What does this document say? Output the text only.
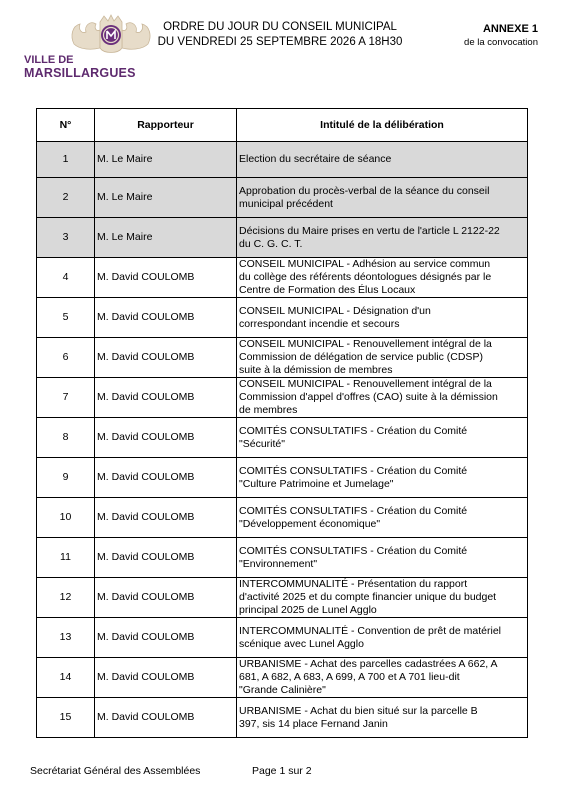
VILLE DE
MARSILLARGUES
ORDRE DU JOUR DU CONSEIL MUNICIPAL
DU VENDREDI 25 SEPTEMBRE 2026 A 18H30
ANNEXE 1
de la convocation
N°	Rapporteur	Intitulé de la délibération
1	M. Le Maire	Election du secrétaire de séance

2	M. Le Maire	Approbation du procès-verbal de la séance du conseil
municipal précédent

3	M. Le Maire	Décisions du Maire prises en vertu de l'article L 2122-22
du C. G. C. T.

4	M. David COULOMB	CONSEIL MUNICIPAL - Adhésion au service commun
du collège des référents déontologues désignés par le
Centre de Formation des Élus Locaux

5	M. David COULOMB	CONSEIL MUNICIPAL - Désignation d'un
correspondant incendie et secours

6	M. David COULOMB	CONSEIL MUNICIPAL - Renouvellement intégral de la
Commission de délégation de service public (CDSP)
suite à la démission de membres

7	M. David COULOMB	CONSEIL MUNICIPAL - Renouvellement intégral de la
Commission d'appel d'offres (CAO) suite à la démission
de membres

8	M. David COULOMB	COMITÉS CONSULTATIFS - Création du Comité
"Sécurité"

9	M. David COULOMB	COMITÉS CONSULTATIFS - Création du Comité
"Culture Patrimoine et Jumelage"

10	M. David COULOMB	COMITÉS CONSULTATIFS - Création du Comité
"Développement économique"

11	M. David COULOMB	COMITÉS CONSULTATIFS - Création du Comité
"Environnement"

12	M. David COULOMB	INTERCOMMUNALITÉ - Présentation du rapport
d'activité 2025 et du compte financier unique du budget
principal 2025 de Lunel Agglo

13	M. David COULOMB	INTERCOMMUNALITÉ - Convention de prêt de matériel
scénique avec Lunel Agglo

14	M. David COULOMB	URBANISME - Achat des parcelles cadastrées A 662, A
681, A 682, A 683, A 699, A 700 et A 701 lieu-dit
"Grande Calinière"

15	M. David COULOMB	URBANISME - Achat du bien situé sur la parcelle B
397, sis 14 place Fernand Janin
Secrétariat Général des Assemblées	Page 1 sur 2
